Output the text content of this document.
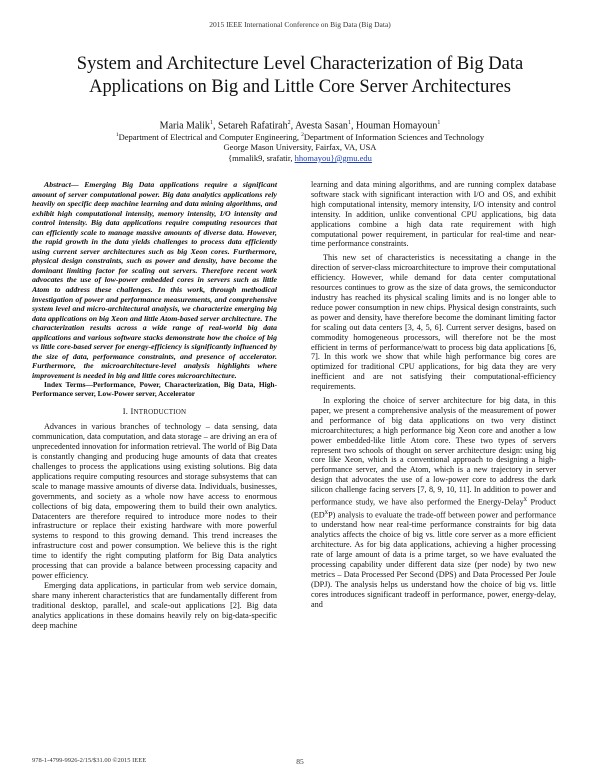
2015 IEEE International Conference on Big Data (Big Data)
System and Architecture Level Characterization of Big Data
Applications on Big and Little Core Server Architectures
Maria Malik$^1$, Setareh Rafatirah$^2$, Avesta Sasan$^1$, Houman Homayoun$^1$
$^1$Department of Electrical and Computer Engineering, $^2$Department of Information Sciences and Technology
George Mason University, Fairfax, VA, USA
{mmalik9, srafatir, hhomayou}@gmu.edu

Abstract— Emerging Big Data applications require a significant amount of server computational power. Big data analytics applications rely heavily on specific deep machine learning and data mining algorithms, and exhibit high computational intensity, memory intensity, I/O intensity and control intensity. Big data applications require computing resources that can efficiently scale to manage massive amounts of diverse data. However, the rapid growth in the data yields challenges to process data efficiently using current server architectures such as big Xeon cores. Furthermore, physical design constraints, such as power and density, have become the dominant limiting factor for scaling out servers. Therefore recent work advocates the use of low-power embedded cores in servers such as little Atom to address these challenges. In this work, through methodical investigation of power and performance measurements, and comprehensive system level and micro-architectural analysis, we characterize emerging big data applications on big Xeon and little Atom-based server architecture. The characterization results across a wide range of real-world big data applications and various software stacks demonstrate how the choice of big vs little core-based server for energy-efficiency is significantly influenced by the size of data, performance constraints, and presence of accelerator. Furthermore, the microarchitecture-level analysis highlights where improvement is needed in big and little cores microarchitecture.

Index Terms—Performance, Power, Characterization, Big Data, High-Performance server, Low-Power server, Accelerator

I. INTRODUCTION

Advances in various branches of technology – data sensing, data communication, data computation, and data storage – are driving an era of unprecedented innovation for information retrieval. The world of Big Data is constantly changing and producing huge amounts of data that creates challenges to process the applications using existing solutions. Big data applications require computing resources and storage subsystems that can scale to manage massive amounts of diverse data. Individuals, businesses, governments, and society as a whole now have access to enormous collections of big data, empowering them to build their own analytics. Datacenters are therefore required to introduce more nodes to their infrastructure or replace their existing hardware with more powerful systems to respond to this growing demand. This trend increases the infrastructure cost and power consumption. We believe this is the right time to identify the right computing platform for Big Data analytics processing that can provide a balance between processing capacity and power efficiency.

Emerging data applications, in particular from web service domain, share many inherent characteristics that are fundamentally different from traditional desktop, parallel, and scale-out applications [2]. Big data analytics applications in these domains heavily rely on big-data-specific deep machine

learning and data mining algorithms, and are running complex database software stack with significant interaction with I/O and OS, and exhibit high computational intensity, memory intensity, I/O intensity and control intensity. In addition, unlike conventional CPU applications, big data applications combine a high data rate requirement with high computational power requirement, in particular for real-time and near-time performance constraints.

This new set of characteristics is necessitating a change in the direction of server-class microarchitecture to improve their computational efficiency. However, while demand for data center computational resources continues to grow as the size of data grows, the semiconductor industry has reached its physical scaling limits and is no longer able to reduce power consumption in new chips. Physical design constraints, such as power and density, have therefore become the dominant limiting factor for scaling out data centers [3, 4, 5, 6]. Current server designs, based on commodity homogeneous processors, will therefore not be the most efficient in terms of performance/watt to process big data applications [6, 7]. In this work we show that while high performance big cores are optimized for traditional CPU applications, for big data they are very inefficient and are not satisfying their computational-efficiency requirements.

In exploring the choice of server architecture for big data, in this paper, we present a comprehensive analysis of the measurement of power and performance of big data applications on two very distinct microarchitectures; a high performance big Xeon core and another a low power embedded-like little Atom core. These two types of servers represent two schools of thought on server architecture design: using big core like Xeon, which is a conventional approach to designing a high-performance server, and the Atom, which is a new trajectory in server design that advocates the use of a low-power core to address the dark silicon challenge facing servers [7, 8, 9, 10, 11]. In addition to power and performance study, we have also performed the Energy-Delay$^x$ Product $(ED^xP)$ analysis to evaluate the trade-off between power and performance to understand how near real-time performance constraints for big data analytics affects the choice of big vs. little core server as a more efficient architecture. As for big data applications, achieving a higher processing rate of large amount of data is a prime target, so we have evaluated the processing capability under different data size (per node) by two new metrics – Data Processed Per Second (DPS) and Data Processed Per Joule (DPJ). The analysis helps us understand how the choice of big vs. little cores introduces significant tradeoff in performance, power, energy-delay, and

978-1-4799-9926-2/15/$31.00 ©2015 IEEE	85
